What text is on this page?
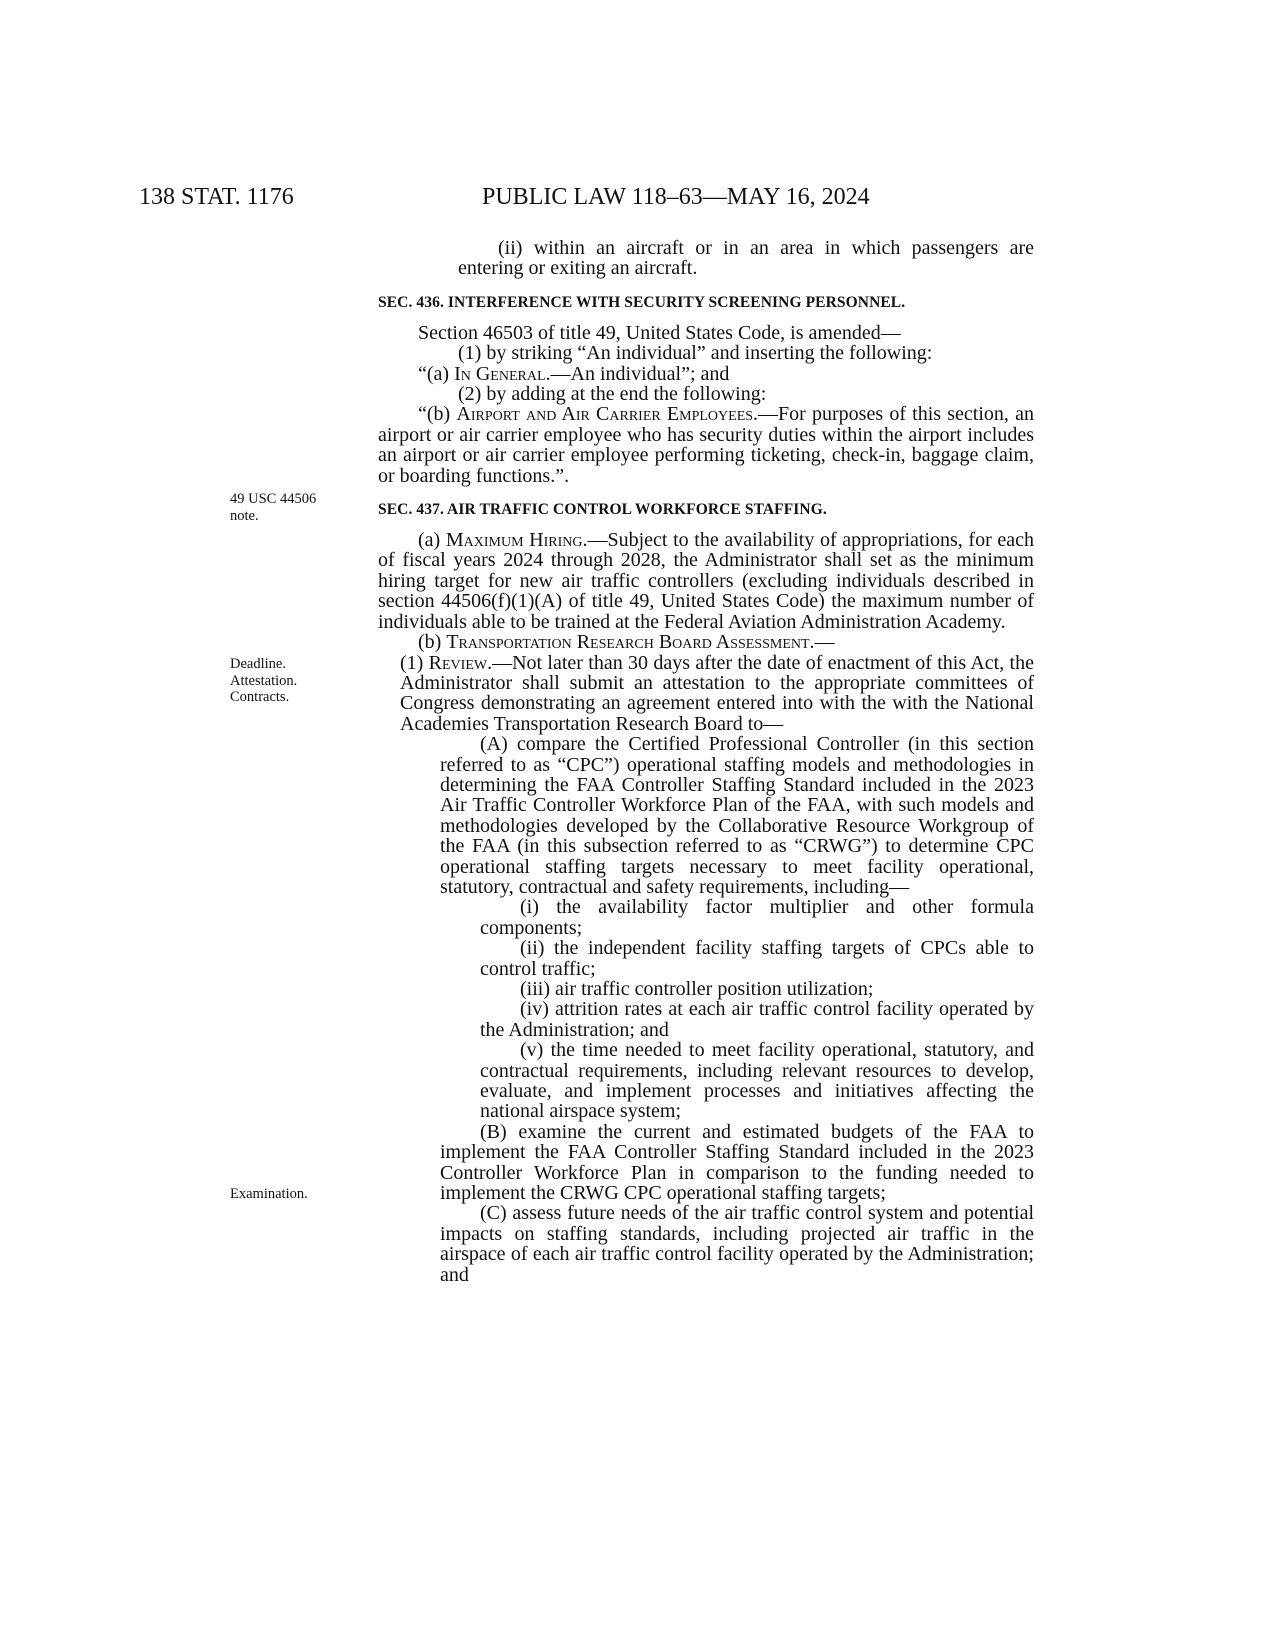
138 STAT. 1176	PUBLIC LAW 118–63—MAY 16, 2024
49 USC 44506
note.
Deadline.
Attestation.
Contracts.
Examination.

(ii) within an aircraft or in an area in which passengers are entering or exiting an aircraft.

SEC. 436. INTERFERENCE WITH SECURITY SCREENING PERSONNEL.

Section 46503 of title 49, United States Code, is amended—

(1) by striking “An individual” and inserting the following:

“(a) In General.—An individual”; and

(2) by adding at the end the following:

“(b) Airport and Air Carrier Employees.—For purposes of this section, an airport or air carrier employee who has security duties within the airport includes an airport or air carrier employee performing ticketing, check-in, baggage claim, or boarding functions.”.

SEC. 437. AIR TRAFFIC CONTROL WORKFORCE STAFFING.

(a) Maximum Hiring.—Subject to the availability of appropriations, for each of fiscal years 2024 through 2028, the Administrator shall set as the minimum hiring target for new air traffic controllers (excluding individuals described in section 44506(f)(1)(A) of title 49, United States Code) the maximum number of individuals able to be trained at the Federal Aviation Administration Academy.

(b) Transportation Research Board Assessment.—

(1) Review.—Not later than 30 days after the date of enactment of this Act, the Administrator shall submit an attestation to the appropriate committees of Congress demonstrating an agreement entered into with the with the National Academies Transportation Research Board to—

(A) compare the Certified Professional Controller (in this section referred to as “CPC”) operational staffing models and methodologies in determining the FAA Controller Staffing Standard included in the 2023 Air Traffic Controller Workforce Plan of the FAA, with such models and methodologies developed by the Collaborative Resource Workgroup of the FAA (in this subsection referred to as “CRWG”) to determine CPC operational staffing targets necessary to meet facility operational, statutory, contractual and safety requirements, including—

(i) the availability factor multiplier and other formula components;

(ii) the independent facility staffing targets of CPCs able to control traffic;

(iii) air traffic controller position utilization;

(iv) attrition rates at each air traffic control facility operated by the Administration; and

(v) the time needed to meet facility operational, statutory, and contractual requirements, including relevant resources to develop, evaluate, and implement processes and initiatives affecting the national airspace system;

(B) examine the current and estimated budgets of the FAA to implement the FAA Controller Staffing Standard included in the 2023 Controller Workforce Plan in comparison to the funding needed to implement the CRWG CPC operational staffing targets;

(C) assess future needs of the air traffic control system and potential impacts on staffing standards, including projected air traffic in the airspace of each air traffic control facility operated by the Administration; and
